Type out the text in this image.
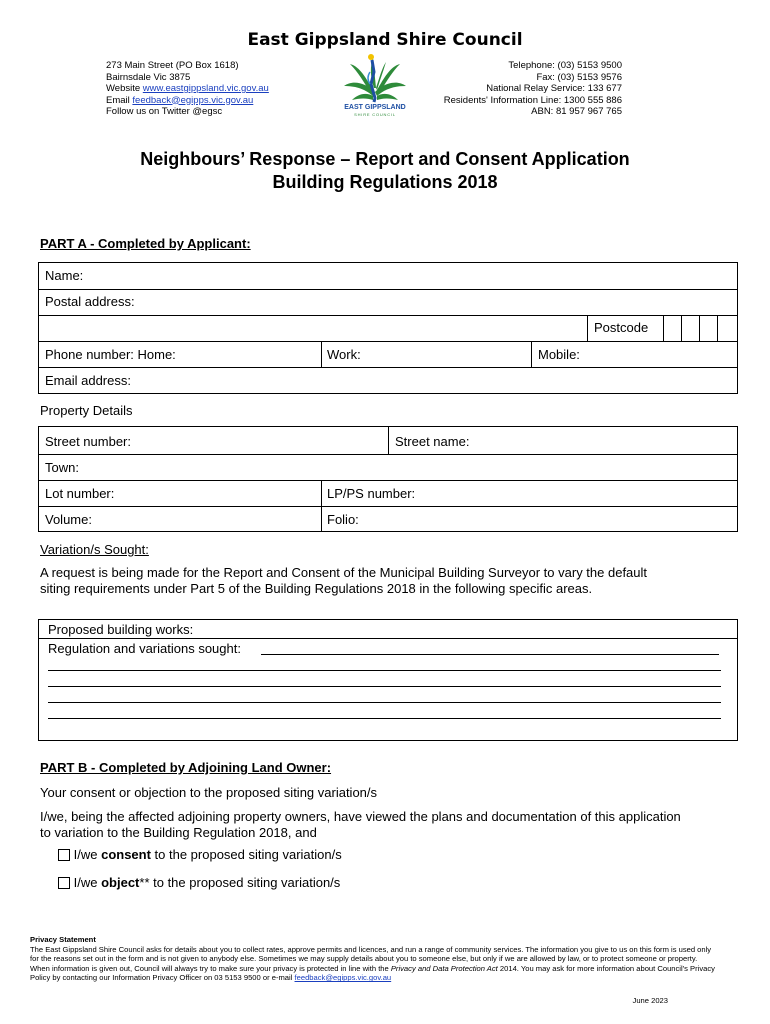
East Gippsland Shire Council
273 Main Street (PO Box 1618)
Bairnsdale Vic 3875
Website www.eastgippsland.vic.gov.au
Email feedback@egipps.vic.gov.au
Follow us on Twitter @egsc	EAST GIPPSLAND
SHIRE COUNCIL
Telephone: (03) 5153 9500
Fax: (03) 5153 9576
National Relay Service: 133 677
Residents' Information Line: 1300 555 886
ABN: 81 957 967 765
Neighbours’ Response – Report and Consent Application
Building Regulations 2018
PART A - Completed by Applicant:
Name:
Postal address:
Postcode
Phone number: Home:	Work:	Mobile:
Email address:
Property Details
Street number:	Street name:
Town:
Lot number:	LP/PS number:
Volume:	Folio:
Variation/s Sought:
A request is being made for the Report and Consent of the Municipal Building Surveyor to vary the default siting requirements under Part 5 of the Building Regulations 2018 in the following specific areas.
Proposed building works:
Regulation and variations sought:
PART B - Completed by Adjoining Land Owner:
Your consent or objection to the proposed siting variation/s
I/we, being the affected adjoining property owners, have viewed the plans and documentation of this application to variation to the Building Regulation 2018, and
I/we consent to the proposed siting variation/s
I/we object** to the proposed siting variation/s
Privacy Statement
The East Gippsland Shire Council asks for details about you to collect rates, approve permits and licences, and run a range of community services. The information you give to us on this form is used only for the reasons set out in the form and is not given to anybody else. Sometimes we may supply details about you to someone else, but only if we are allowed by law, or to protect someone or property.
When information is given out, Council will always try to make sure your privacy is protected in line with the Privacy and Data Protection Act 2014. You may ask for more information about Council's Privacy Policy by contacting our Information Privacy Officer on 03 5153 9500 or e-mail feedback@egipps.vic.gov.au
June 2023
